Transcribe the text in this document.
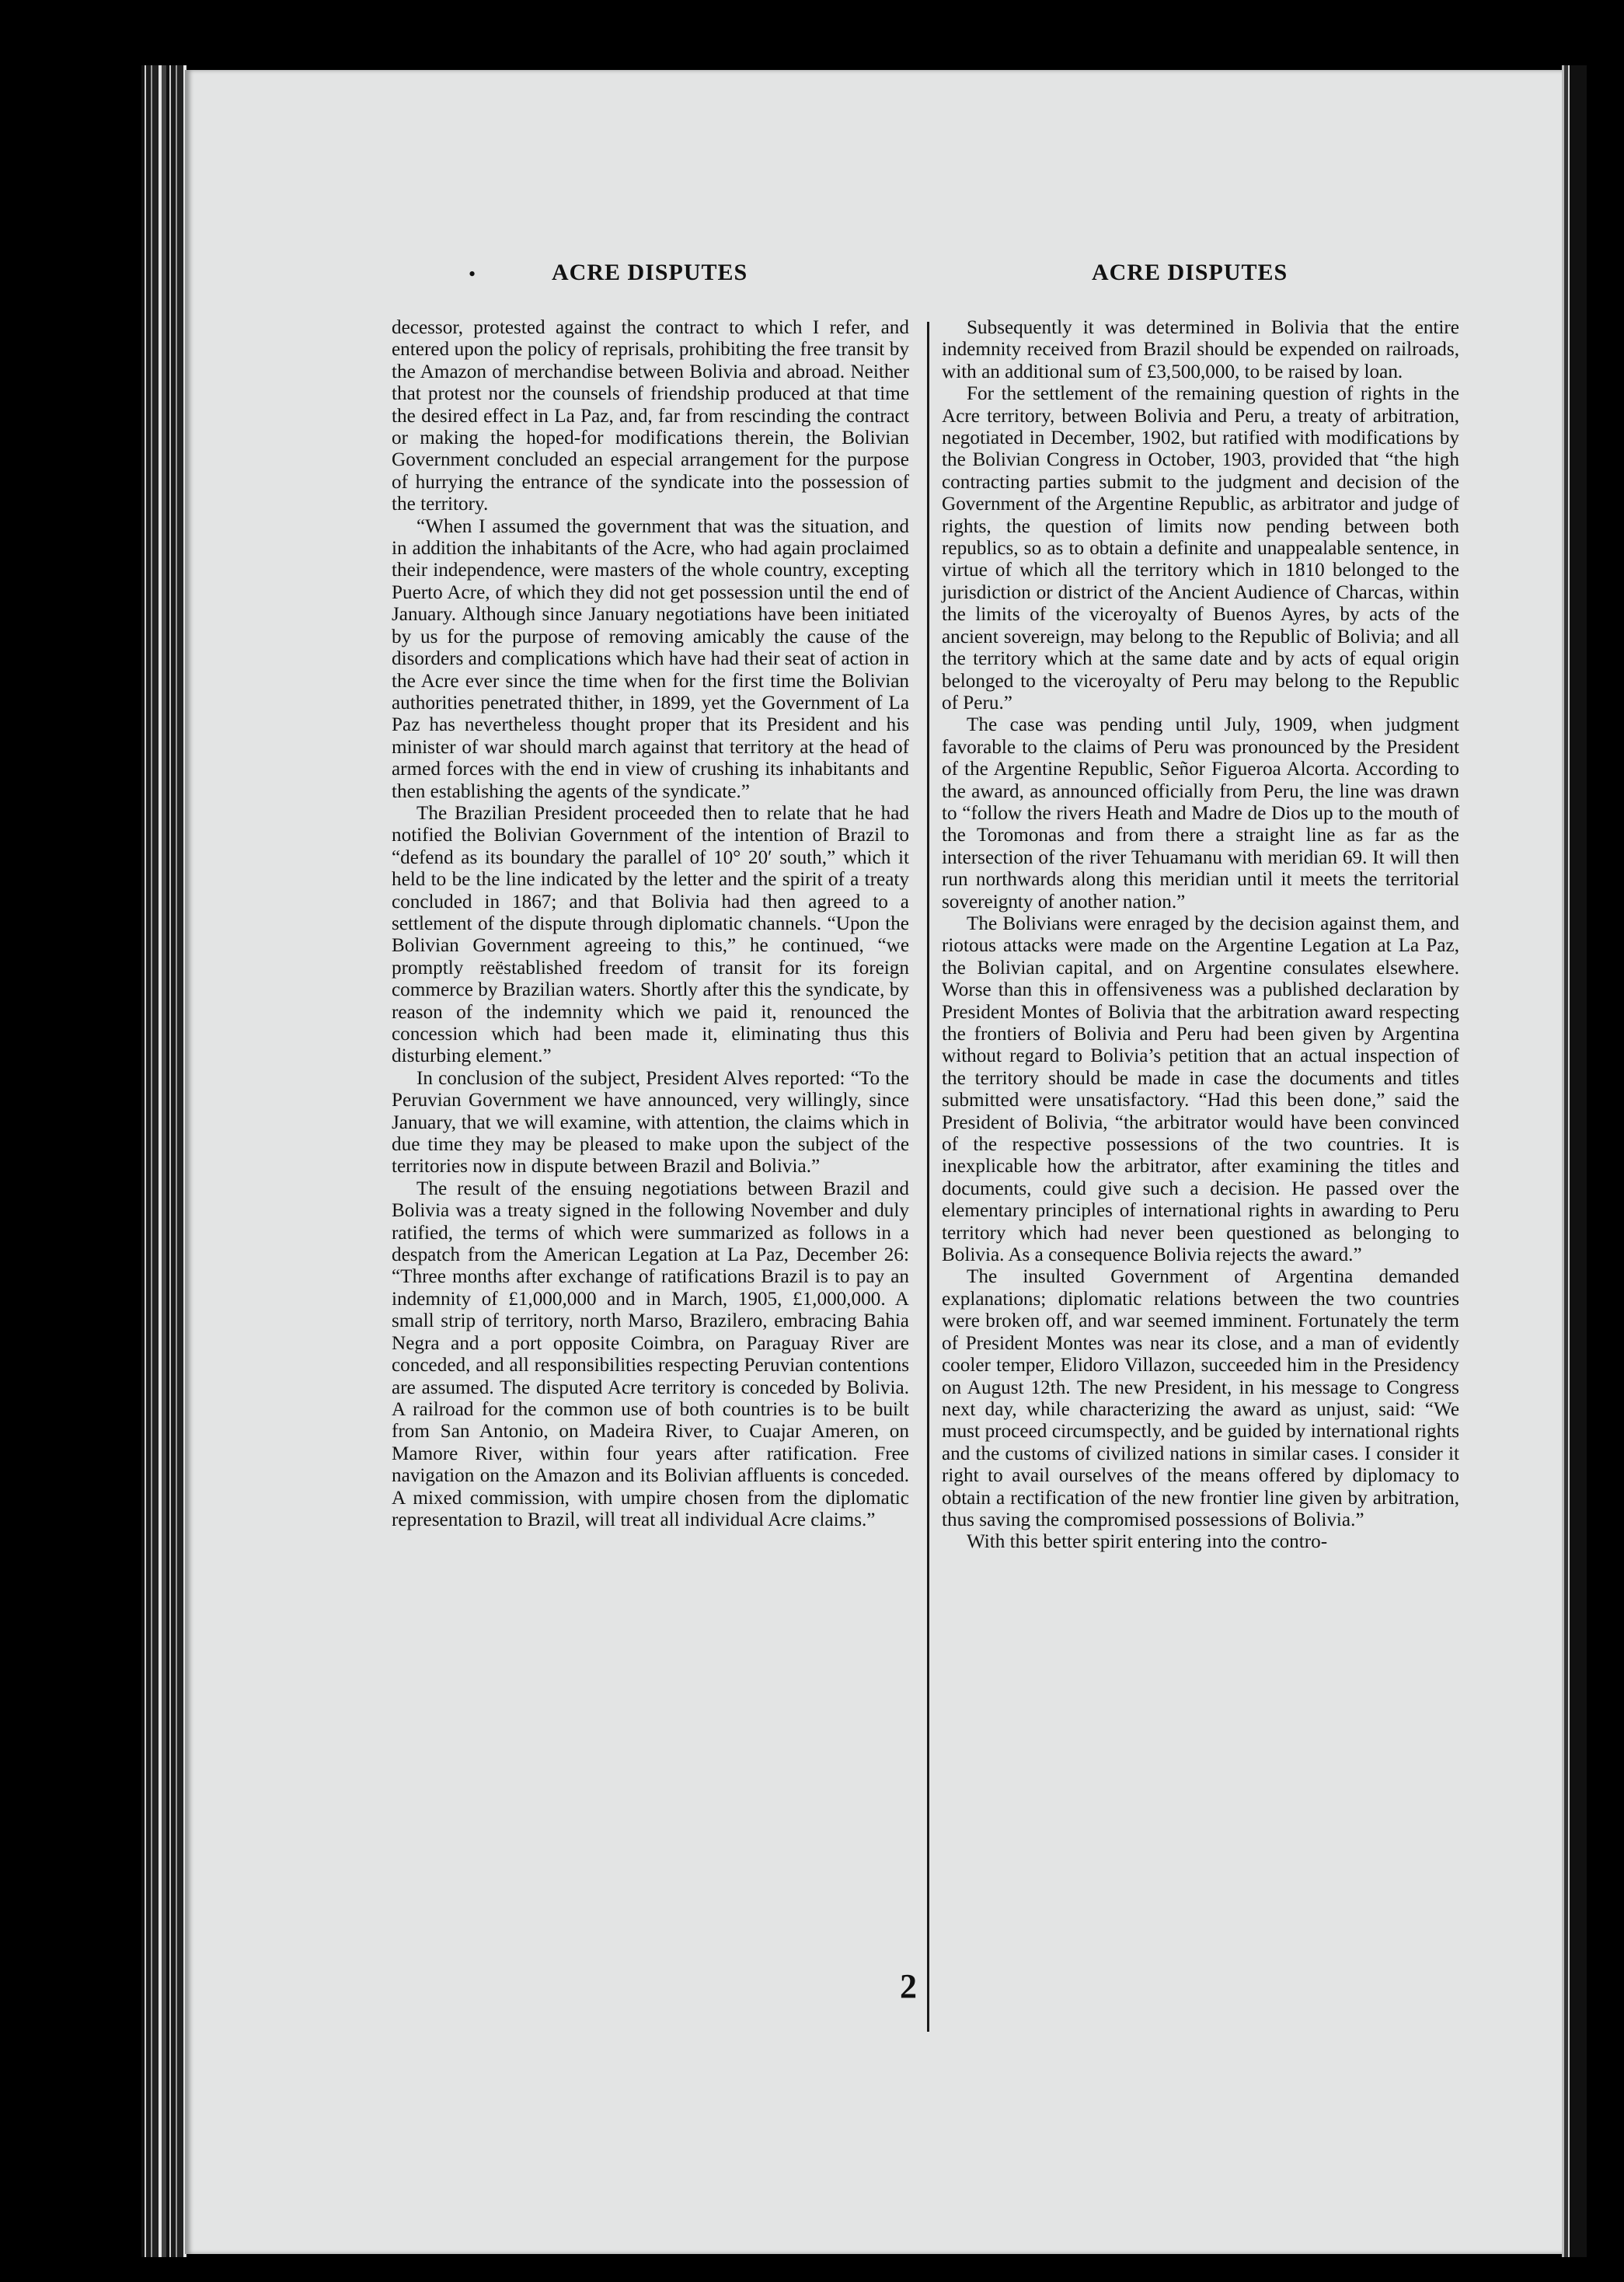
•	ACRE DISPUTES	ACRE DISPUTES

decessor, protested against the contract to which I refer, and entered upon the policy of reprisals, prohibiting the free transit by the Amazon of merchandise between Bolivia and abroad. Neither that protest nor the counsels of friendship produced at that time the desired effect in La Paz, and, far from rescinding the contract or making the hoped-for modifications therein, the Bolivian Government concluded an especial arrangement for the purpose of hurrying the entrance of the syndicate into the possession of the territory.

“When I assumed the government that was the situation, and in addition the inhabitants of the Acre, who had again proclaimed their independence, were masters of the whole country, excepting Puerto Acre, of which they did not get possession until the end of January. Although since January negotiations have been initiated by us for the purpose of removing amicably the cause of the disorders and complications which have had their seat of action in the Acre ever since the time when for the first time the Bolivian authorities penetrated thither, in 1899, yet the Government of La Paz has nevertheless thought proper that its President and his minister of war should march against that territory at the head of armed forces with the end in view of crushing its inhabitants and then establishing the agents of the syndicate.”

The Brazilian President proceeded then to relate that he had notified the Bolivian Government of the intention of Brazil to “defend as its boundary the parallel of 10° 20′ south,” which it held to be the line indicated by the letter and the spirit of a treaty concluded in 1867; and that Bolivia had then agreed to a settlement of the dispute through diplomatic channels. “Upon the Bolivian Government agreeing to this,” he continued, “we promptly reëstablished freedom of transit for its foreign commerce by Brazilian waters. Shortly after this the syndicate, by reason of the indemnity which we paid it, renounced the concession which had been made it, eliminating thus this disturbing element.”

In conclusion of the subject, President Alves reported: “To the Peruvian Government we have announced, very willingly, since January, that we will examine, with attention, the claims which in due time they may be pleased to make upon the subject of the territories now in dispute between Brazil and Bolivia.”

The result of the ensuing negotiations between Brazil and Bolivia was a treaty signed in the following November and duly ratified, the terms of which were summarized as follows in a despatch from the American Legation at La Paz, December 26: “Three months after exchange of ratifications Brazil is to pay an indemnity of £1,000,000 and in March, 1905, £1,000,000. A small strip of territory, north Marso, Brazilero, embracing Bahia Negra and a port opposite Coimbra, on Paraguay River are conceded, and all responsibilities respecting Peruvian contentions are assumed. The disputed Acre territory is conceded by Bolivia. A railroad for the common use of both countries is to be built from San Antonio, on Madeira River, to Cuajar Ameren, on Mamore River, within four years after ratification. Free navigation on the Amazon and its Bolivian affluents is conceded. A mixed commission, with umpire chosen from the diplomatic representation to Brazil, will treat all individual Acre claims.”

Subsequently it was determined in Bolivia that the entire indemnity received from Brazil should be expended on railroads, with an additional sum of £3,500,000, to be raised by loan.

For the settlement of the remaining question of rights in the Acre territory, between Bolivia and Peru, a treaty of arbitration, negotiated in December, 1902, but ratified with modifications by the Bolivian Congress in October, 1903, provided that “the high contracting parties submit to the judgment and decision of the Government of the Argentine Republic, as arbitrator and judge of rights, the question of limits now pending between both republics, so as to obtain a definite and unappealable sentence, in virtue of which all the territory which in 1810 belonged to the jurisdiction or district of the Ancient Audience of Charcas, within the limits of the viceroyalty of Buenos Ayres, by acts of the ancient sovereign, may belong to the Republic of Bolivia; and all the territory which at the same date and by acts of equal origin belonged to the viceroyalty of Peru may belong to the Republic of Peru.”

The case was pending until July, 1909, when judgment favorable to the claims of Peru was pronounced by the President of the Argentine Republic, Señor Figueroa Alcorta. According to the award, as announced officially from Peru, the line was drawn to “follow the rivers Heath and Madre de Dios up to the mouth of the Toromonas and from there a straight line as far as the intersection of the river Tehuamanu with meridian 69. It will then run northwards along this meridian until it meets the territorial sovereignty of another nation.”

The Bolivians were enraged by the decision against them, and riotous attacks were made on the Argentine Legation at La Paz, the Bolivian capital, and on Argentine consulates elsewhere. Worse than this in offensiveness was a published declaration by President Montes of Bolivia that the arbitration award respecting the frontiers of Bolivia and Peru had been given by Argentina without regard to Bolivia’s petition that an actual inspection of the territory should be made in case the documents and titles submitted were unsatisfactory. “Had this been done,” said the President of Bolivia, “the arbitrator would have been convinced of the respective possessions of the two countries. It is inexplicable how the arbitrator, after examining the titles and documents, could give such a decision. He passed over the elementary principles of international rights in awarding to Peru territory which had never been questioned as belonging to Bolivia. As a consequence Bolivia rejects the award.”

The insulted Government of Argentina demanded explanations; diplomatic relations between the two countries were broken off, and war seemed imminent. Fortunately the term of President Montes was near its close, and a man of evidently cooler temper, Elidoro Villazon, succeeded him in the Presidency on August 12th. The new President, in his message to Congress next day, while characterizing the award as unjust, said: “We must proceed circumspectly, and be guided by international rights and the customs of civilized nations in similar cases. I consider it right to avail ourselves of the means offered by diplomacy to obtain a rectification of the new frontier line given by arbitration, thus saving the compromised possessions of Bolivia.”

With this better spirit entering into the contro-

2
